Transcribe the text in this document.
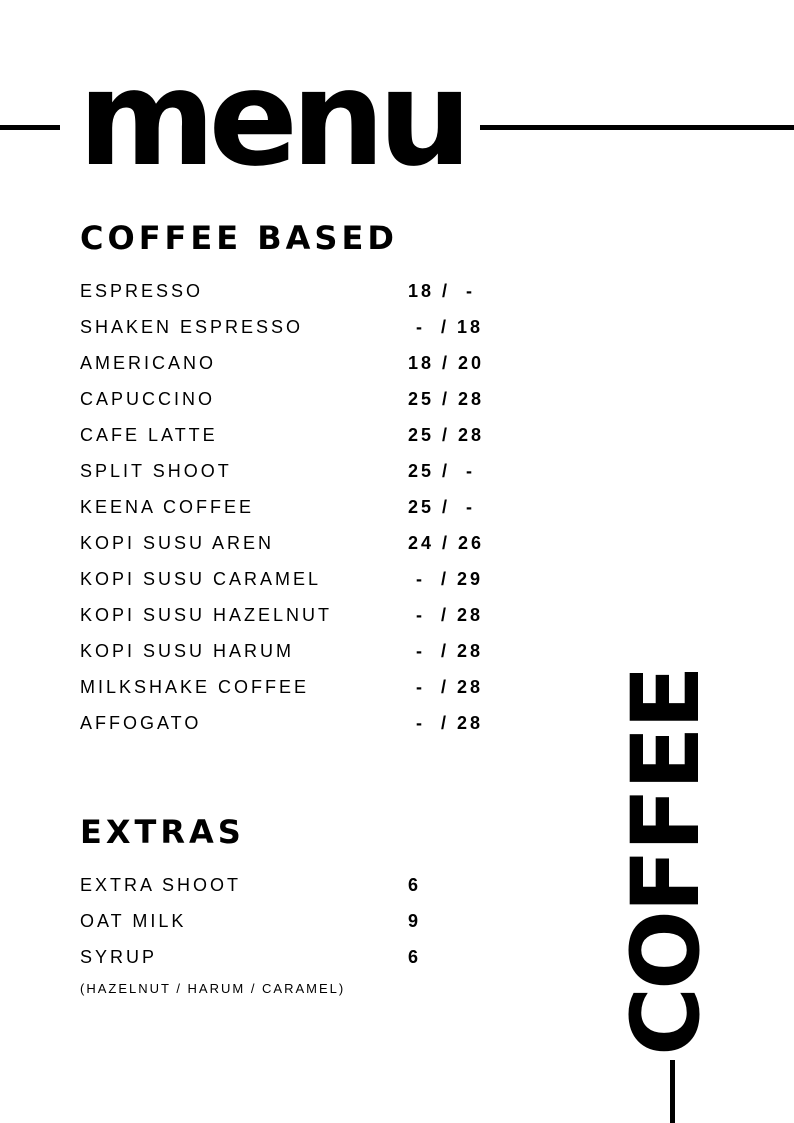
menu
COFFEE BASED
ESPRESSO	18 /  -
SHAKEN ESPRESSO	-  / 18
AMERICANO	18 / 20
CAPUCCINO	25 / 28
CAFE LATTE	25 / 28
SPLIT SHOOT	25 /  -
KEENA COFFEE	25 /  -
KOPI SUSU AREN	24 / 26
KOPI SUSU CARAMEL	-  / 29
KOPI SUSU HAZELNUT	-  / 28
KOPI SUSU HARUM	-  / 28
MILKSHAKE COFFEE	-  / 28
AFFOGATO	-  / 28
EXTRAS
EXTRA SHOOT	6
OAT MILK	9
SYRUP	6
(HAZELNUT / HARUM / CARAMEL)	COFFEE
